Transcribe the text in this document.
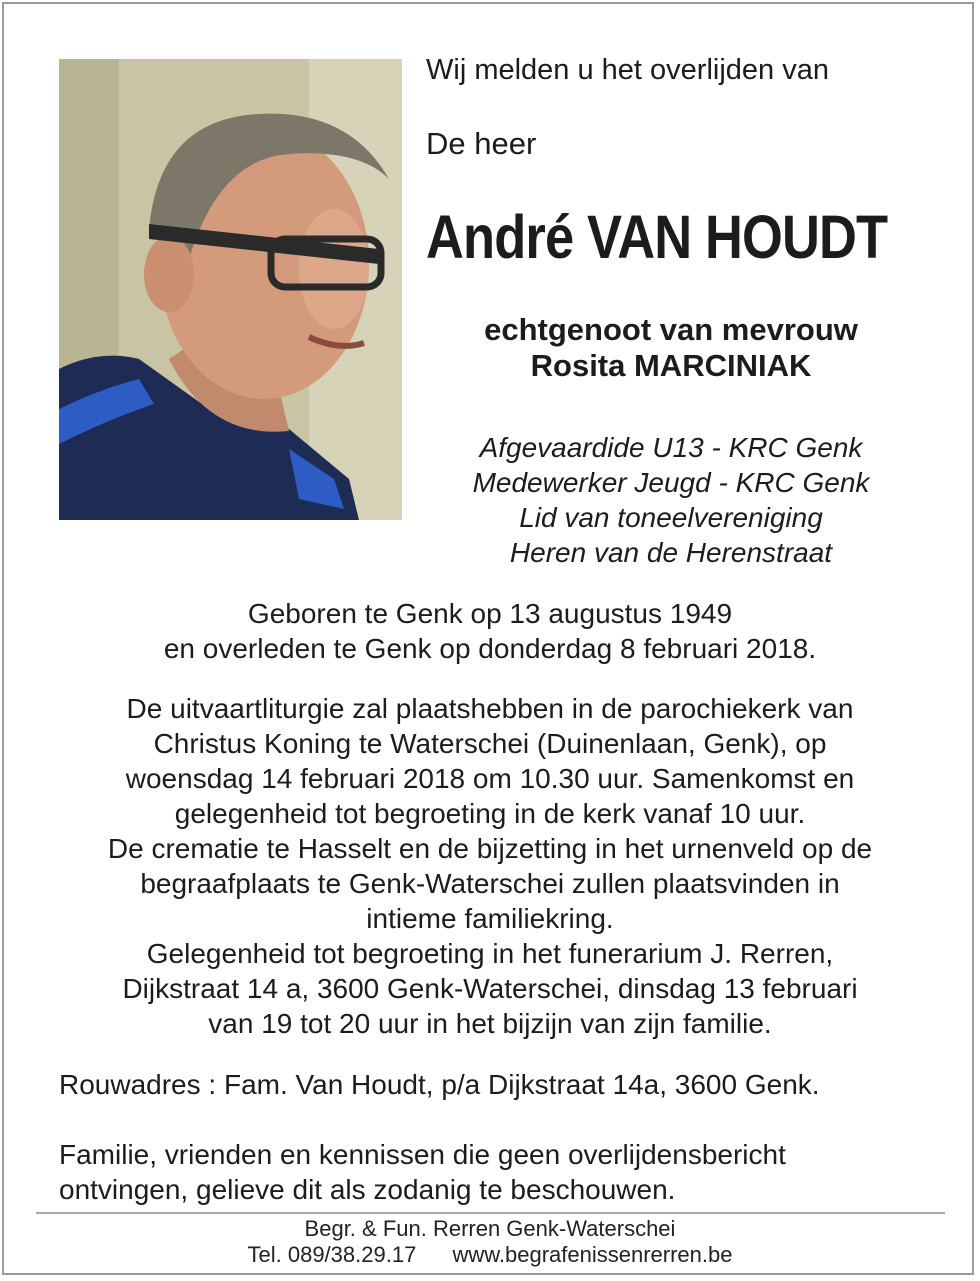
Wij melden u het overlijden van
De heer
André VAN HOUDT
echtgenoot van mevrouw
Rosita MARCINIAK
Afgevaardide U13 - KRC Genk
Medewerker Jeugd - KRC Genk
Lid van toneelvereniging
Heren van de Herenstraat
Geboren te Genk op 13 augustus 1949
en overleden te Genk op donderdag 8 februari 2018.
De uitvaartliturgie zal plaatshebben in de parochiekerk van
Christus Koning te Waterschei (Duinenlaan, Genk), op
woensdag 14 februari 2018 om 10.30 uur. Samenkomst en
gelegenheid tot begroeting in de kerk vanaf 10 uur.
De crematie te Hasselt en de bijzetting in het urnenveld op de
begraafplaats te Genk-Waterschei zullen plaatsvinden in
intieme familiekring.
Gelegenheid tot begroeting in het funerarium J. Rerren,
Dijkstraat 14 a, 3600 Genk-Waterschei, dinsdag 13 februari
van 19 tot 20 uur in het bijzijn van zijn familie.
Rouwadres : Fam. Van Houdt, p/a Dijkstraat 14a, 3600 Genk.
Familie, vrienden en kennissen die geen overlijdensbericht
ontvingen, gelieve dit als zodanig te beschouwen.
Begr. & Fun. Rerren Genk-Waterschei
Tel. 089/38.29.17 www.begrafenissenrerren.be
